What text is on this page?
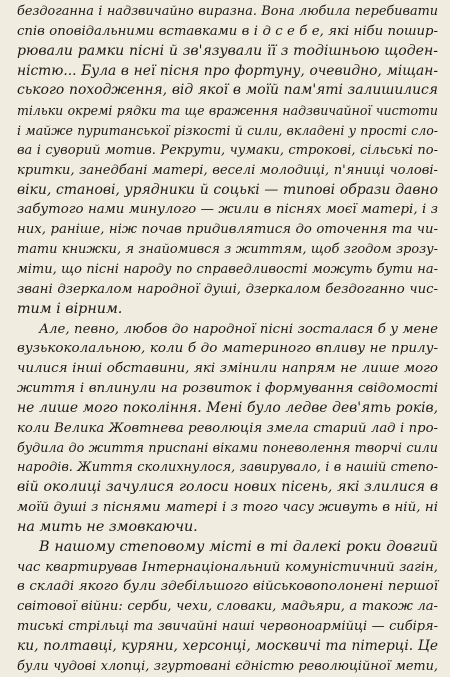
бездоганна і надзвичайно виразна. Вона любила перебивати
спів оповідальними вставками в і д с е б е, які ніби пошир-
рювали рамки пісні й зв'язували її з тодішньою щоден-
ністю... Була в неї пісня про фортуну, очевидно, міщан-
ського походження, від якої в моїй пам'яті залишилися
тільки окремі рядки та ще враження надзвичайної чистоти
і майже пуританської різкості й сили, вкладені у прості сло-
ва і суворий мотив. Рекрути, чумаки, строкові, сільські по-
критки, занедбані матері, веселі молодиці, п'яниці чолові-
віки, станові, урядники й соцькі — типові образи давно
забутого нами минулого — жили в піснях моєї матері, і з
них, раніше, ніж почав придивлятися до оточення та чи-
тати книжки, я знайомився з життям, щоб згодом зрозу-
міти, що пісні народу по справедливості можуть бути на-
звані дзеркалом народної душі, дзеркалом бездоганно чис-
тим і вірним.
Але, певно, любов до народної пісні зосталася б у мене
вузькоколальною, коли б до материного впливу не прилу-
чилися інші обставини, які змінили напрям не лише мого
життя і вплинули на розвиток і формування свідомості
не лише мого покоління. Мені було ледве дев'ять років,
коли Велика Жовтнева революція змела старий лад і про-
будила до життя приспані віками поневолення творчі сили
народів. Життя сколихнулося, завирувало, і в нашій степо-
вій околиці зачулися голоси нових пісень, які злилися в
моїй душі з піснями матері і з того часу живуть в ній, ні
на мить не змовкаючи.
В нашому степовому місті в ті далекі роки довгий
час квартирував Інтернаціональний комуністичний загін,
в складі якого були здебільшого військовополонені першої
світової війни: серби, чехи, словаки, мадьяри, а також ла-
тиські стрільці та звичайні наші червоноармійці — сибіря-
ки, полтавці, куряни, херсонці, москвичі та пітерці. Це
були чудові хлопці, згуртовані єдністю революційної мети,
